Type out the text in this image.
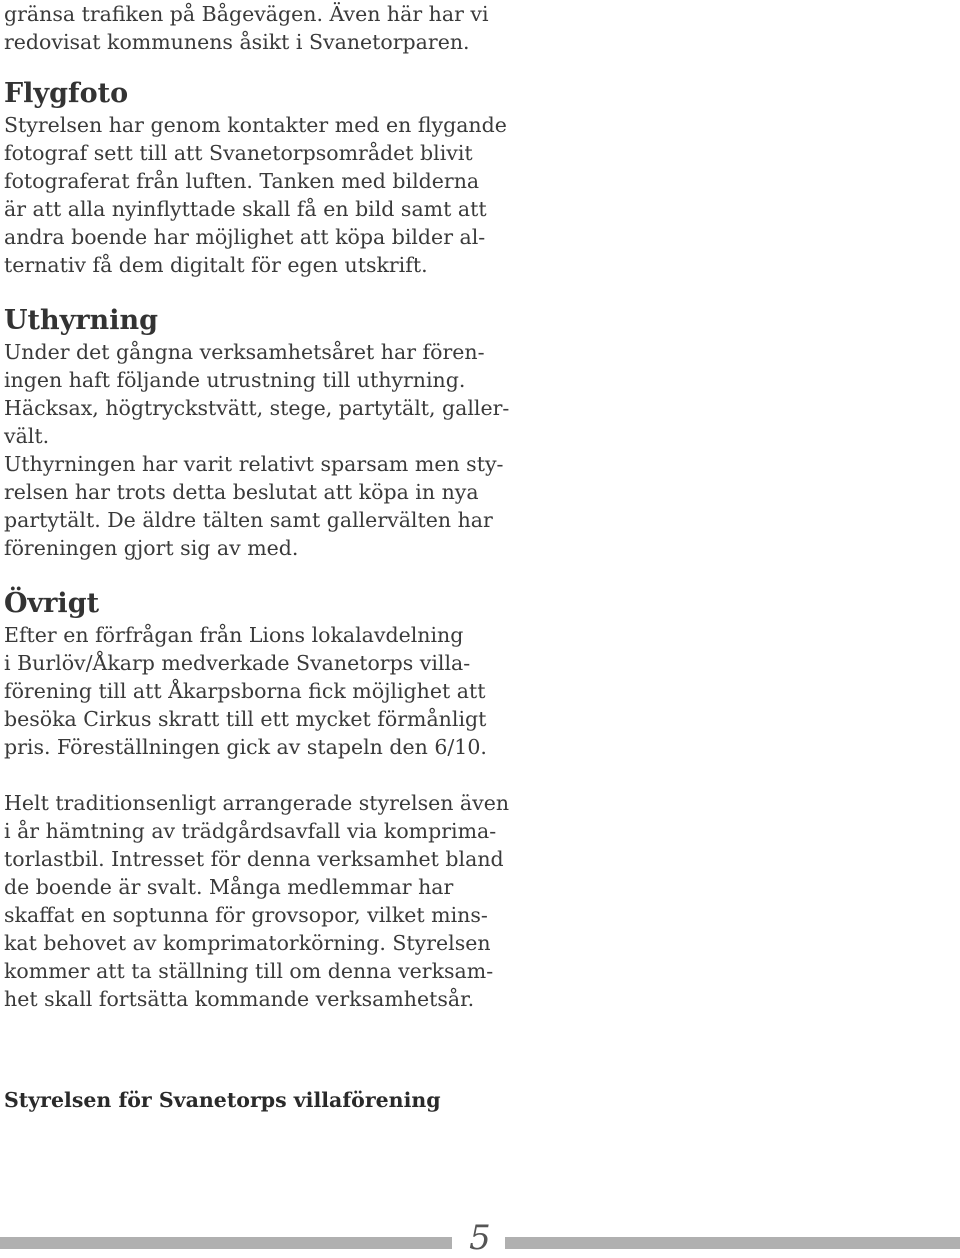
gränsa trafiken på Bågevägen. Även här har vi
redovisat kommunens åsikt i Svanetorparen.
Flygfoto
Styrelsen har genom kontakter med en flygande
fotograf sett till att Svanetorpsområdet blivit
fotograferat från luften. Tanken med bilderna
är att alla nyinflyttade skall få en bild samt att
andra boende har möjlighet att köpa bilder al-
ternativ få dem digitalt för egen utskrift.
Uthyrning
Under det gångna verksamhetsåret har fören-
ingen haft följande utrustning till uthyrning.
Häcksax, högtryckstvätt, stege, partytält, galler-
vält.
Uthyrningen har varit relativt sparsam men sty-
relsen har trots detta beslutat att köpa in nya
partytält. De äldre tälten samt gallervälten har
föreningen gjort sig av med.
Övrigt
Efter en förfrågan från Lions lokalavdelning
i Burlöv/Åkarp medverkade Svanetorps villa-
förening till att Åkarpsborna fick möjlighet att
besöka Cirkus skratt till ett mycket förmånligt
pris. Föreställningen gick av stapeln den 6/10.
Helt traditionsenligt arrangerade styrelsen även
i år hämtning av trädgårdsavfall via komprima-
torlastbil. Intresset för denna verksamhet bland
de boende är svalt. Många medlemmar har
skaffat en soptunna för grovsopor, vilket mins-
kat behovet av komprimatorkörning. Styrelsen
kommer att ta ställning till om denna verksam-
het skall fortsätta kommande verksamhetsår.
Styrelsen för Svanetorps villaförening
5
